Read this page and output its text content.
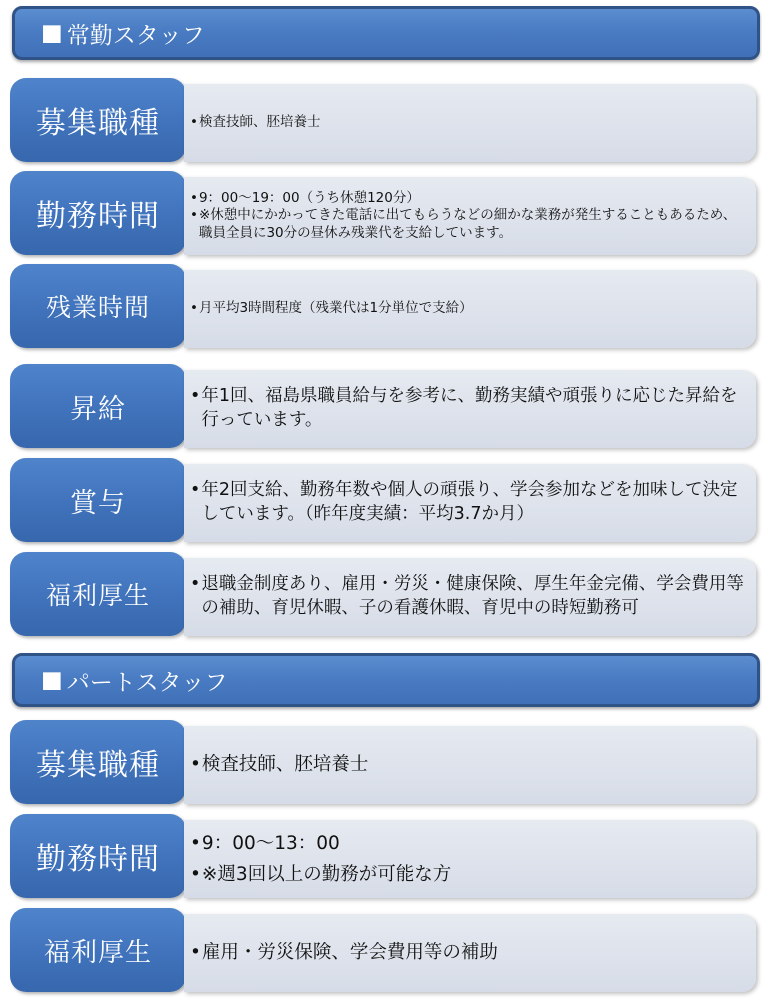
■ 常勤スタッフ
募集職種 • 検査技師、胚培養士
勤務時間
• 9：00～19：00（うち休憩120分）
• ※休憩中にかかってきた電話に出てもらうなどの細かな業務が発生することもあるため、職員全員に30分の昼休み残業代を支給しています。
残業時間	• 月平均3時間程度（残業代は1分単位で支給）
昇給	• 年1回、福島県職員給与を参考に、勤務実績や頑張りに応じた昇給を行っています。
賞与	• 年2回支給、勤務年数や個人の頑張り、学会参加などを加味して決定しています。（昨年度実績：平均3.7か月）
福利厚生 • 退職金制度あり、雇用・労災・健康保険、厚生年金完備、学会費用等の補助、育児休暇、子の看護休暇、育児中の時短勤務可
■ パートスタッフ
募集職種 • 検査技師、胚培養士
勤務時間 • 9：00～13：00
• ※週3回以上の勤務が可能な方
福利厚生 • 雇用・労災保険、学会費用等の補助
